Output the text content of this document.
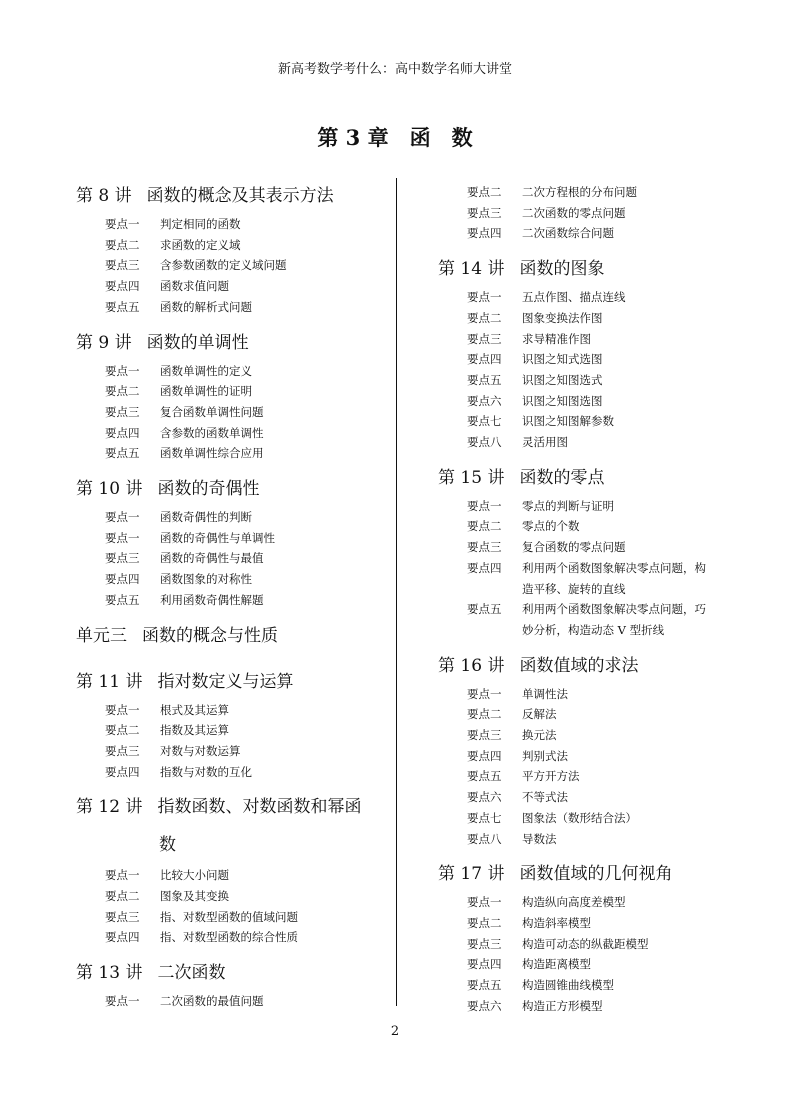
新高考数学考什么：高中数学名师大讲堂
第 3 章　函　数
第 8 讲 函数的概念及其表示方法
要点一	判定相同的函数
要点二	求函数的定义域
要点三	含参数函数的定义域问题
要点四	函数求值问题
要点五	函数的解析式问题
第 9 讲 函数的单调性
要点一	函数单调性的定义
要点二	函数单调性的证明
要点三	复合函数单调性问题
要点四	含参数的函数单调性
要点五	函数单调性综合应用
第 10 讲 函数的奇偶性
要点一	函数奇偶性的判断
要点一	函数的奇偶性与单调性
要点三	函数的奇偶性与最值
要点四	函数图象的对称性
要点五	利用函数奇偶性解题
单元三 函数的概念与性质
第 11 讲 指对数定义与运算
要点一	根式及其运算
要点二	指数及其运算
要点三	对数与对数运算
要点四	指数与对数的互化
第 12 讲 指数函数、对数函数和幂函
数
要点一	比较大小问题
要点二	图象及其变换
要点三	指、对数型函数的值域问题
要点四	指、对数型函数的综合性质
第 13 讲 二次函数
要点一	二次函数的最值问题
要点二	二次方程根的分布问题
要点三	二次函数的零点问题
要点四	二次函数综合问题
第 14 讲 函数的图象
要点一	五点作图、描点连线
要点二	图象变换法作图
要点三	求导精准作图
要点四	识图之知式选图
要点五	识图之知图选式
要点六	识图之知图选图
要点七	识图之知图解参数
要点八	灵活用图
第 15 讲 函数的零点
要点一	零点的判断与证明
要点二	零点的个数
要点三	复合函数的零点问题
要点四	利用两个函数图象解决零点问题，构
造平移、旋转的直线
要点五	利用两个函数图象解决零点问题，巧
妙分析，构造动态 V 型折线
第 16 讲 函数值域的求法
要点一	单调性法
要点二	反解法
要点三	换元法
要点四	判别式法
要点五	平方开方法
要点六	不等式法
要点七	图象法（数形结合法）
要点八	导数法
第 17 讲 函数值域的几何视角
要点一	构造纵向高度差模型
要点二	构造斜率模型
要点三	构造可动态的纵截距模型
要点四	构造距离模型
要点五	构造圆锥曲线模型
要点六	构造正方形模型
2
